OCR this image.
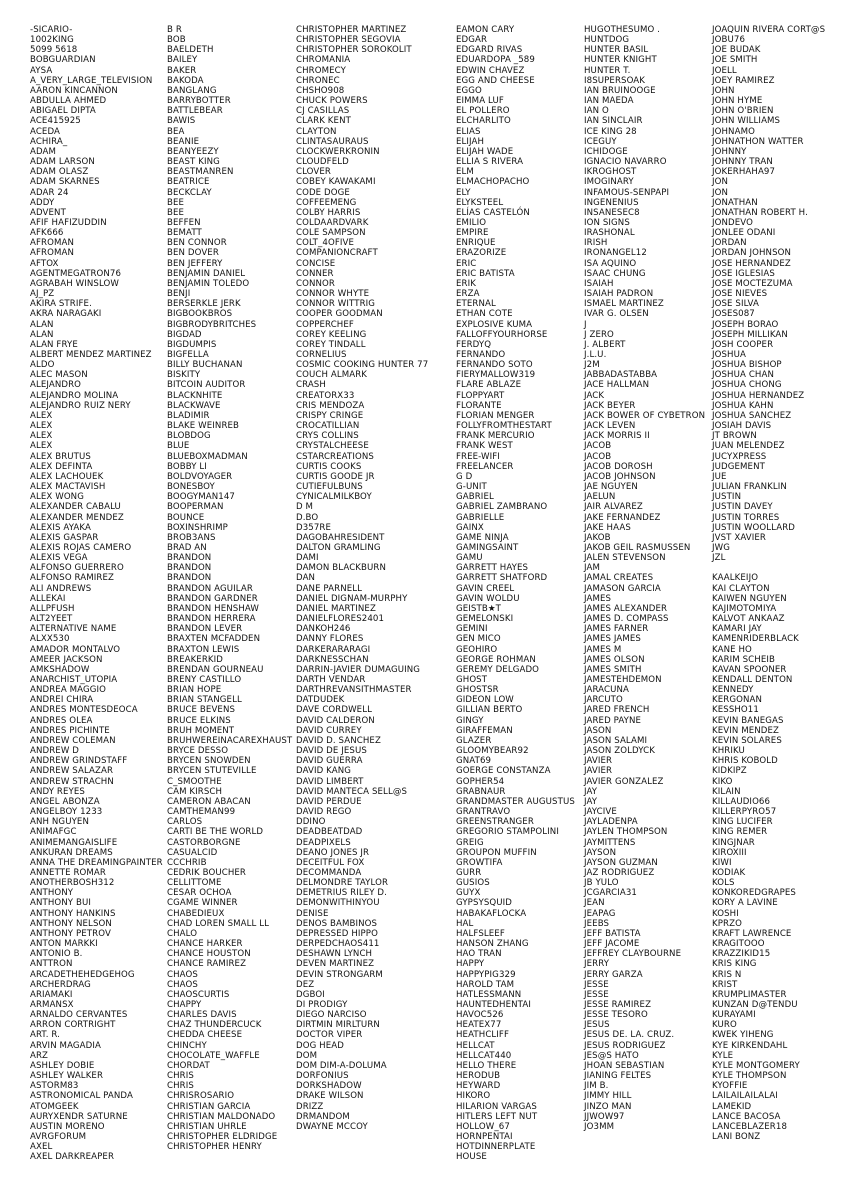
-SICARIO-
1002KING
5099 5618
BOBGUARDIAN
AYSA
A_VERY_LARGE_TELEVISION
AARON KINCANNON
ABDULLA AHMED
ABIGAEL DIPTA
ACE415925
ACEDA
ACHIRA_
ADAM
ADAM LARSON
ADAM OLASZ
ADAM SKARNES
ADAR 24
ADDY
ADVENT
AFIF HAFIZUDDIN
AFK666
AFROMAN
AFROMAN
AFTOX
AGENTMEGATRON76
AGRABAH WINSLOW
AJ_PZ
AKIRA STRIFE.
AKRA NARAGAKI
ALAN
ALAN
ALAN FRYE
ALBERT MENDEZ MARTINEZ
ALDO
ALEC MASON
ALEJANDRO
ALEJANDRO MOLINA
ALEJANDRO RUIZ NERY
ALEX
ALEX
ALEX
ALEX
ALEX BRUTUS
ALEX DEFINTA
ALEX LACHOUEK
ALEX MACTAVISH
ALEX WONG
ALEXANDER CABALU
ALEXANDER MENDEZ
ALEXIS AYAKA
ALEXIS GASPAR
ALEXIS ROJAS CAMERO
ALEXIS VEGA
ALFONSO GUERRERO
ALFONSO RAMIREZ
ALI ANDREWS
ALLEKAI
ALLPFUSH
ALT2YEET
ALTERNATIVE NAME
ALXX530
AMADOR MONTALVO
AMEER JACKSON
AMKSHADOW
ANARCHIST_UTOPIA
ANDREA MAGGIO
ANDREI CHIRA
ANDRES MONTESDEOCA
ANDRES OLEA
ANDRES PICHINTE
ANDREW COLEMAN
ANDREW D
ANDREW GRINDSTAFF
ANDREW SALAZAR
ANDREW STRACHN
ANDY REYES
ANGEL ABONZA
ANGELBOY 1233
ANH NGUYEN
ANIMAFGC
ANIMEMANGAISLIFE
ANKURAN DREAMS
ANNA THE DREAMINGPAINTER
ANNETTE ROMAR
ANOTHERBOSH312
ANTHONY
ANTHONY BUI
ANTHONY HANKINS
ANTHONY NELSON
ANTHONY PETROV
ANTON MARKKI
ANTONIO B.
ANTTRON
ARCADETHEHEDGEHOG
ARCHERDRAG
ARIAMAKI
ARMANSX
ARNALDO CERVANTES
ARRON CORTRIGHT
ART. R.
ARVIN MAGADIA
ARZ
ASHLEY DOBIE
ASHLEY WALKER
ASTORM83
ASTRONOMICAL PANDA
ATOMGEEK
AURYXENDR SATURNE
AUSTIN MORENO
AVRGFORUM
AXEL
AXEL DARKREAPER
B R
BOB
BAELDETH
BAILEY
BAKER
BAKODA
BANGLANG
BARRYBOTTER
BATTLEBEAR
BAWIS
BEA
BEANIE
BEANYEEZY
BEAST KING
BEASTMANREN
BEATRICE
BECKCLAY
BEE
BEE
BEFFEN
BEMATT
BEN CONNOR
BEN DOVER
BEN JEFFERY
BENJAMIN DANIEL
BENJAMIN TOLEDO
BENJI
BERSERKLE JERK
BIGBOOKBROS
BIGBRODYBRITCHES
BIGDAD
BIGDUMPIS
BIGFELLA
BILLY BUCHANAN
BISKITY
BITCOIN AUDITOR
BLACKNHITE
BLACKWAVE
BLADIMIR
BLAKE WEINREB
BLOBDOG
BLUE
BLUEBOXMADMAN
BOBBY LI
BOLDVOYAGER
BONESBOY
BOOGYMAN147
BOOPERMAN
BOUNCE
BOXINSHRIMP
BROB3ANS
BRAD AN
BRANDON
BRANDON
BRANDON
BRANDON AGUILAR
BRANDON GARDNER
BRANDON HENSHAW
BRANDON HERRERA
BRANDON LEVER
BRAXTEN MCFADDEN
BRAXTON LEWIS
BREAKERKID
BRENDAN GOURNEAU
BRENY CASTILLO
BRIAN HOPE
BRIAN STANGELL
BRUCE BEVENS
BRUCE ELKINS
BRUH MOMENT
BRUHWEREINACAREXHAUST
BRYCE DESSO
BRYCEN SNOWDEN
BRYCEN STUTEVILLE
C_SMOOTHE
CAM KIRSCH
CAMERON ABACAN
CAMTHEMAN99
CARLOS
CARTI BE THE WORLD
CASTORBORGNE
CASUALCID
CCCHRIB
CEDRIK BOUCHER
CELLITTOME
CESAR OCHOA
CGAME WINNER
CHABEDIEUX
CHAD LOREN SMALL LL
CHALO
CHANCE HARKER
CHANCE HOUSTON
CHANCE RAMIREZ
CHAOS
CHAOS
CHAOSCURTIS
CHAPPY
CHARLES DAVIS
CHAZ THUNDERCUCK
CHEDDA CHEESE
CHINCHY
CHOCOLATE_WAFFLE
CHORDAT
CHRIS
CHRIS
CHRISROSARIO
CHRISTIAN GARCIA
CHRISTIAN MALDONADO
CHRISTIAN UHRLE
CHRISTOPHER ELDRIDGE
CHRISTOPHER HENRY
CHRISTOPHER MARTINEZ
CHRISTOPHER SEGOVIA
CHRISTOPHER SOROKOLIT
CHROMANIA
CHROMECY
CHRONEC
CHSHO908
CHUCK POWERS
CJ CASILLAS
CLARK KENT
CLAYTON
CLINTASAURAUS
CLOCKWERKRONIN
CLOUDFELD
CLOVER
COBEY KAWAKAMI
CODE DOGE
COFFEEMENG
COLBY HARRIS
COLDAARDVARK
COLE SAMPSON
COLT_4OFIVE
COMPANIONCRAFT
CONCISE
CONNER
CONNOR
CONNOR WHYTE
CONNOR WITTRIG
COOPER GOODMAN
COPPERCHEF
COREY KEELING
COREY TINDALL
CORNELIUS
COSMIC COOKING HUNTER 77
COUCH ALMARK
CRASH
CREATORX33
CRIS MENDOZA
CRISPY CRINGE
CROCATILLIAN
CRYS COLLINS
CRYSTALCHEESE
CSTARCREATIONS
CURTIS COOKS
CURTIS GOODE JR
CUTIEFULBUNS
CYNICALMILKBOY
D M
D.BO
D357RE
DAGOBAHRESIDENT
DALTON GRAMLING
DAMI
DAMON BLACKBURN
DAN
DANE PARNELL
DANIEL DIGNAM-MURPHY
DANIEL MARTINEZ
DANIELFLORES2401
DANKOH246
DANNY FLORES
DARKERARARAGI
DARKNESSCHAN
DARRIN-JAVIER DUMAGUING
DARTH VENDAR
DARTHREVANSITHMASTER
DATDUDEK
DAVE CORDWELL
DAVID CALDERON
DAVID CURREY
DAVID D. SANCHEZ
DAVID DE JESUS
DAVID GUERRA
DAVID KANG
DAVID LIMBERT
DAVID MANTECA SELL@S
DAVID PERDUE
DAVID REGO
DDINO
DEADBEATDAD
DEADPIXELS
DEANO JONES JR
DECEITFUL FOX
DECOMMANDA
DELMONDRE TAYLOR
DEMETRIUS RILEY D.
DEMONWITHINYOU
DENISE
DENOS BAMBINOS
DEPRESSED HIPPO
DERPEDCHAOS411
DESHAWN LYNCH
DEVEN MARTINEZ
DEVIN STRONGARM
DEZ
DGBOI
DI PRODIGY
DIEGO NARCISO
DIRTMIN MIRLTURN
DOCTOR VIPER
DOG HEAD
DOM
DOM DIM-A-DOLUMA
DORFONIUS
DORKSHADOW
DRAKE WILSON
DRIZZ
DRMANDOM
DWAYNE MCCOY
EAMON CARY
EDGAR
EDGARD RIVAS
EDUARDOPA _589
EDWIN CHAVEZ
EGG AND CHEESE
EGGO
EIMMA LUF
EL POLLERO
ELCHARLITO
ELIAS
ELIJAH
ELIJAH WADE
ELLIA S RIVERA
ELM
ELMACHOPACHO
ELY
ELYKSTEEL
ELÍAS CASTELÓN
EMILIO
EMPIRE
ENRIQUE
ERAZORIZE
ERIC
ERIC BATISTA
ERIK
ERZA
ETERNAL
ETHAN COTE
EXPLOSIVE KUMA
FALLOFFYOURHORSE
FERDYQ
FERNANDO
FERNANDO SOTO
FIERYMALLOW319
FLARE ABLAZE
FLOPPYART
FLORANTE
FLORIAN MENGER
FOLLYFROMTHESTART
FRANK MERCURIO
FRANK WEST
FREE-WIFI
FREELANCER
G D
G-UNIT
GABRIEL
GABRIEL ZAMBRANO
GABRIELLE
GAINX
GAME NINJA
GAMINGSAINT
GAMU
GARRETT HAYES
GARRETT SHATFORD
GAVIN CREEL
GAVIN WOLDU
GEISTB★T
GEMELONSKI
GEMINI
GEN MICO
GEOHIRO
GEORGE ROHMAN
GEREMY DELGADO
GHOST
GHOSTSR
GIDEON LOW
GILLIAN BERTO
GINGY
GIRAFFEMAN
GLAZER
GLOOMYBEAR92
GNAT69
GOERGE CONSTANZA
GOPHER54
GRABNAUR
GRANDMASTER AUGUSTUS
GRANTRAVO
GREENSTRANGER
GREGORIO STAMPOLINI
GREIG
GROUPON MUFFIN
GROWTIFA
GURR
GUSIOS
GUYX
GYPSYSQUID
HABAKAFLOCKA
HAL
HALFSLEEF
HANSON ZHANG
HAO TRAN
HAPPY
HAPPYPIG329
HAROLD TAM
HATLESSMANN
HAUNTEDHENTAI
HAVOC526
HEATEX77
HEATHCLIFF
HELLCAT
HELLCAT440
HELLO THERE
HERODUB
HEYWARD
HIKORO
HILARION VARGAS
HITLERS LEFT NUT
HOLLOW_67
HORNPENTAI
HOTDINNERPLATE
HOUSE
HUGOTHESUMO .
HUNTDOG
HUNTER BASIL
HUNTER KNIGHT
HUNTER T.
I8SUPERSOAK
IAN BRUINOOGE
IAN MAEDA
IAN O
IAN SINCLAIR
ICE KING 28
ICEGUY
ICHIDOGE
IGNACIO NAVARRO
IKROGHOST
IMOGINARY
INFAMOUS-SENPAPI
INGENENIUS
INSANESEC8
ION SIGNS
IRASHONAL
IRISH
IRONANGEL12
ISA AQUINO
ISAAC CHUNG
ISAIAH
ISAIAH PADRON
ISMAEL MARTINEZ
IVAR G. OLSEN
J
J ZERO
J. ALBERT
J.L.U.
J2M
JABBADASTABBA
JACE HALLMAN
JACK
JACK BEYER
JACK BOWER OF CYBETRON
JACK LEVEN
JACK MORRIS II
JACOB
JACOB
JACOB DOROSH
JACOB JOHNSON
JAE NGUYEN
JAELUN
JAIR ALVAREZ
JAKE FERNANDEZ
JAKE HAAS
JAKOB
JAKOB GEIL RASMUSSEN
JALEN STEVENSON
JAM
JAMAL CREATES
JAMASON GARCIA
JAMES
JAMES ALEXANDER
JAMES D. COMPASS
JAMES FARNER
JAMES JAMES
JAMES M
JAMES OLSON
JAMES SMITH
JAMESTEHDEMON
JARACUNA
JARCUTO
JARED FRENCH
JARED PAYNE
JASON
JASON SALAMI
JASON ZOLDYCK
JAVIER
JAVIER
JAVIER GONZALEZ
JAY
JAY
JAYCIVE
JAYLADENPA
JAYLEN THOMPSON
JAYMITTENS
JAYSON
JAYSON GUZMAN
JAZ RODRIGUEZ
JB YULO
JCGARCIA31
JEAN
JEAPAG
JEEBS
JEFF BATISTA
JEFF JACOME
JEFFREY CLAYBOURNE
JERRY
JERRY GARZA
JESSE
JESSE
JESSE RAMIREZ
JESSE TESORO
JESUS
JESUS DE. LA. CRUZ.
JESUS RODRIGUEZ
JES@S HATO
JHOAN SEBASTIAN
JIANING FELTES
JIM B.
JIMMY HILL
JINZO MAN
JJWOW97
JO3MM
JOAQUIN RIVERA CORT@S
JOBU76
JOE BUDAK
JOE SMITH
JOELL
JOEY RAMIREZ
JOHN
JOHN HYME
JOHN O'BRIEN
JOHN WILLIAMS
JOHNAMO
JOHNATHON WATTER
JOHNNY
JOHNNY TRAN
JOKERHAHA97
JON
JON
JONATHAN
JONATHAN ROBERT H.
JONDEVO
JONLEE ODANI
JORDAN
JORDAN JOHNSON
JOSE HERNANDEZ
JOSE IGLESIAS
JOSE MOCTEZUMA
JOSE NIEVES
JOSE SILVA
JOSES087
JOSEPH BORAO
JOSEPH MILLIKAN
JOSH COOPER
JOSHUA
JOSHUA BISHOP
JOSHUA CHAN
JOSHUA CHONG
JOSHUA HERNANDEZ
JOSHUA KAHN
JOSHUA SANCHEZ
JOSIAH DAVIS
JT BROWN
JUAN MELENDEZ
JUCYXPRESS
JUDGEMENT
JUE
JULIAN FRANKLIN
JUSTIN
JUSTIN DAVEY
JUSTIN TORRES
JUSTIN WOOLLARD
JVST XAVIER
JWG
JZL
KAALKEIJO
KAI CLAYTON
KAIWEN NGUYEN
KAJIMOTOMIYA
KALVOT ANKAAZ
KAMARI JAY
KAMENRIDERBLACK
KANE HO
KARIM SCHEIB
KAVAN SPOONER
KENDALL DENTON
KENNEDY
KERGONAN
KESSHO11
KEVIN BANEGAS
KEVIN MENDEZ
KEVIN SOLARES
KHRIKU
KHRIS KOBOLD
KIDKIPZ
KIKO
KILAIN
KILLAUDIO66
KILLERPYRO57
KING LUCIFER
KING REMER
KINGJNAR
KIROXIII
KIWI
KODIAK
KOLS
KONKOREDGRAPES
KORY A LAVINE
KOSHI
KPRZO
KRAFT LAWRENCE
KRAGITOOO
KRAZZIKID15
KRIS KING
KRIS N
KRIST
KRUMPLIMASTER
KUNZAN D@TENDU
KURAYAMI
KURO
KWEK YIHENG
KYE KIRKENDAHL
KYLE
KYLE MONTGOMERY
KYLE THOMPSON
KYOFFIE
LAILAILAILALAI
LAMEKID
LANCE BACOSA
LANCEBLAZER18
LANI BONZ
